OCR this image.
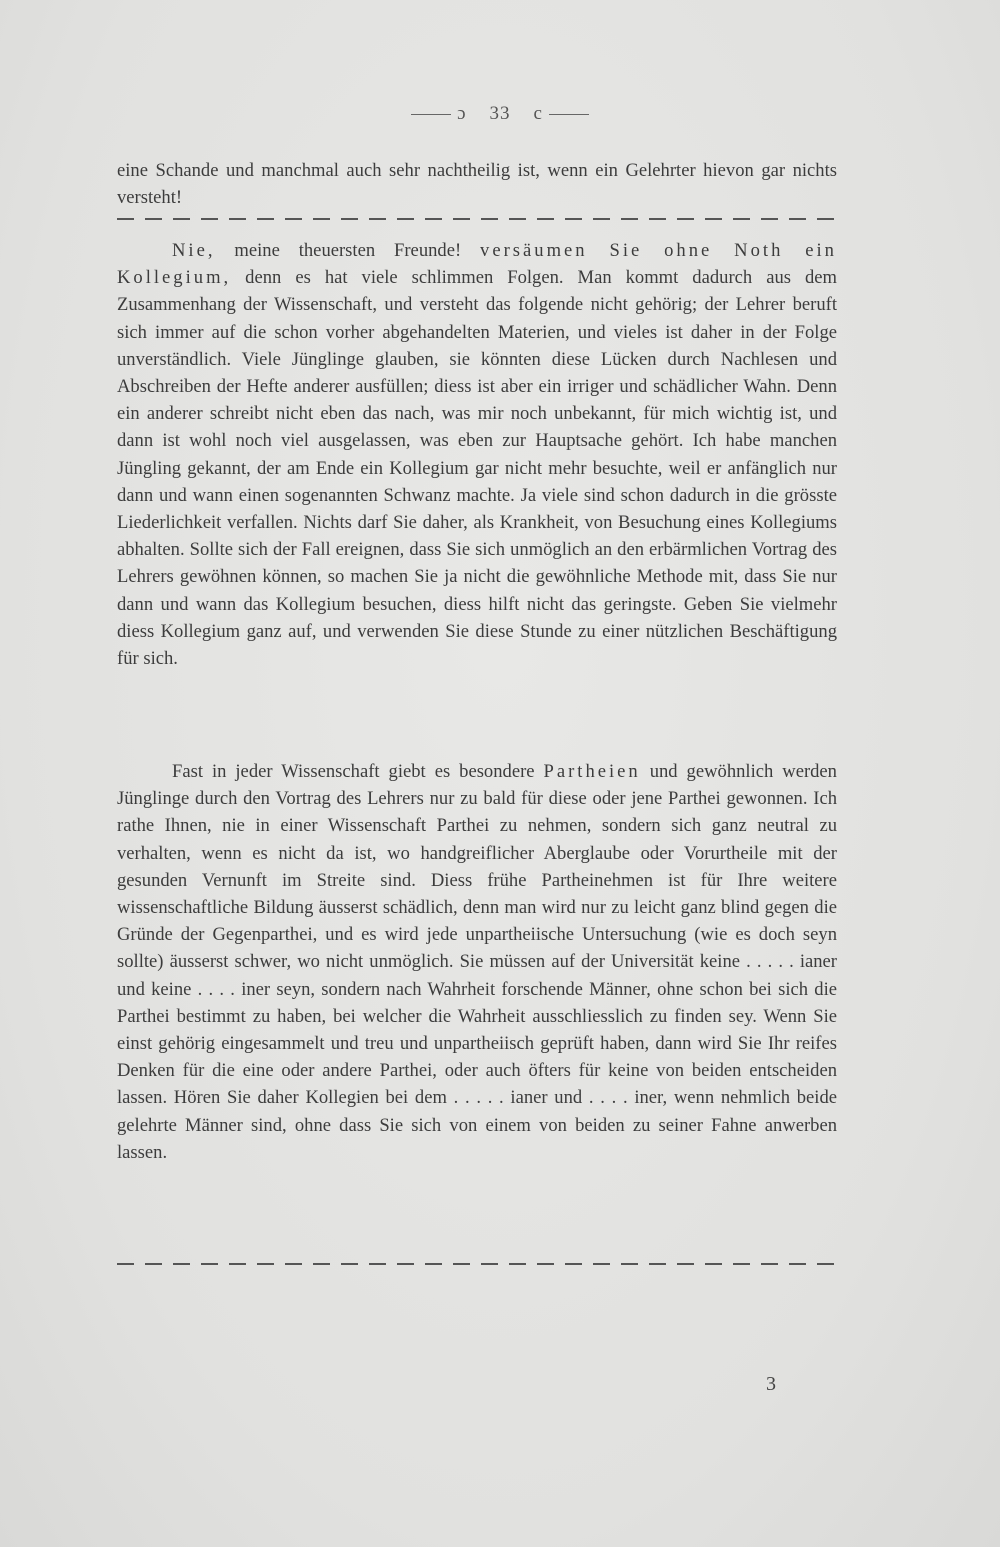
ɔ 33 c

eine Schande und manchmal auch sehr nachtheilig ist, wenn ein Gelehrter hievon gar nichts versteht!

Nie, meine theuersten Freunde! versäumen Sie ohne Noth ein Kollegium, denn es hat viele schlimmen Folgen. Man kommt dadurch aus dem Zusammenhang der Wissenschaft, und versteht das folgende nicht gehörig; der Lehrer beruft sich immer auf die schon vorher abgehandelten Materien, und vieles ist daher in der Folge unverständlich. Viele Jünglinge glauben, sie könnten diese Lücken durch Nachlesen und Abschreiben der Hefte anderer ausfüllen; diess ist aber ein irriger und schädlicher Wahn. Denn ein anderer schreibt nicht eben das nach, was mir noch unbekannt, für mich wichtig ist, und dann ist wohl noch viel ausgelassen, was eben zur Hauptsache gehört. Ich habe manchen Jüngling gekannt, der am Ende ein Kollegium gar nicht mehr besuchte, weil er anfänglich nur dann und wann einen sogenannten Schwanz machte. Ja viele sind schon dadurch in die grösste Liederlichkeit verfallen. Nichts darf Sie daher, als Krankheit, von Besuchung eines Kollegiums abhalten. Sollte sich der Fall ereignen, dass Sie sich unmöglich an den erbärmlichen Vortrag des Lehrers gewöhnen können, so machen Sie ja nicht die gewöhnliche Methode mit, dass Sie nur dann und wann das Kollegium besuchen, diess hilft nicht das geringste. Geben Sie vielmehr diess Kollegium ganz auf, und verwenden Sie diese Stunde zu einer nützlichen Beschäftigung für sich.

Fast in jeder Wissenschaft giebt es besondere Partheien und gewöhnlich werden Jünglinge durch den Vortrag des Lehrers nur zu bald für diese oder jene Parthei gewonnen. Ich rathe Ihnen, nie in einer Wissenschaft Parthei zu nehmen, sondern sich ganz neutral zu verhalten, wenn es nicht da ist, wo handgreiflicher Aberglaube oder Vorurtheile mit der gesunden Vernunft im Streite sind. Diess frühe Partheinehmen ist für Ihre weitere wissenschaftliche Bildung äusserst schädlich, denn man wird nur zu leicht ganz blind gegen die Gründe der Gegenparthei, und es wird jede unpartheiische Untersuchung (wie es doch seyn sollte) äusserst schwer, wo nicht unmöglich. Sie müssen auf der Universität keine . . . . . ianer und keine . . . . iner seyn, sondern nach Wahrheit forschende Männer, ohne schon bei sich die Parthei bestimmt zu haben, bei welcher die Wahrheit ausschliesslich zu finden sey. Wenn Sie einst gehörig eingesammelt und treu und unpartheiisch geprüft haben, dann wird Sie Ihr reifes Denken für die eine oder andere Parthei, oder auch öfters für keine von beiden entscheiden lassen. Hören Sie daher Kollegien bei dem . . . . . ianer und . . . . iner, wenn nehmlich beide gelehrte Männer sind, ohne dass Sie sich von einem von beiden zu seiner Fahne anwerben lassen.

3
